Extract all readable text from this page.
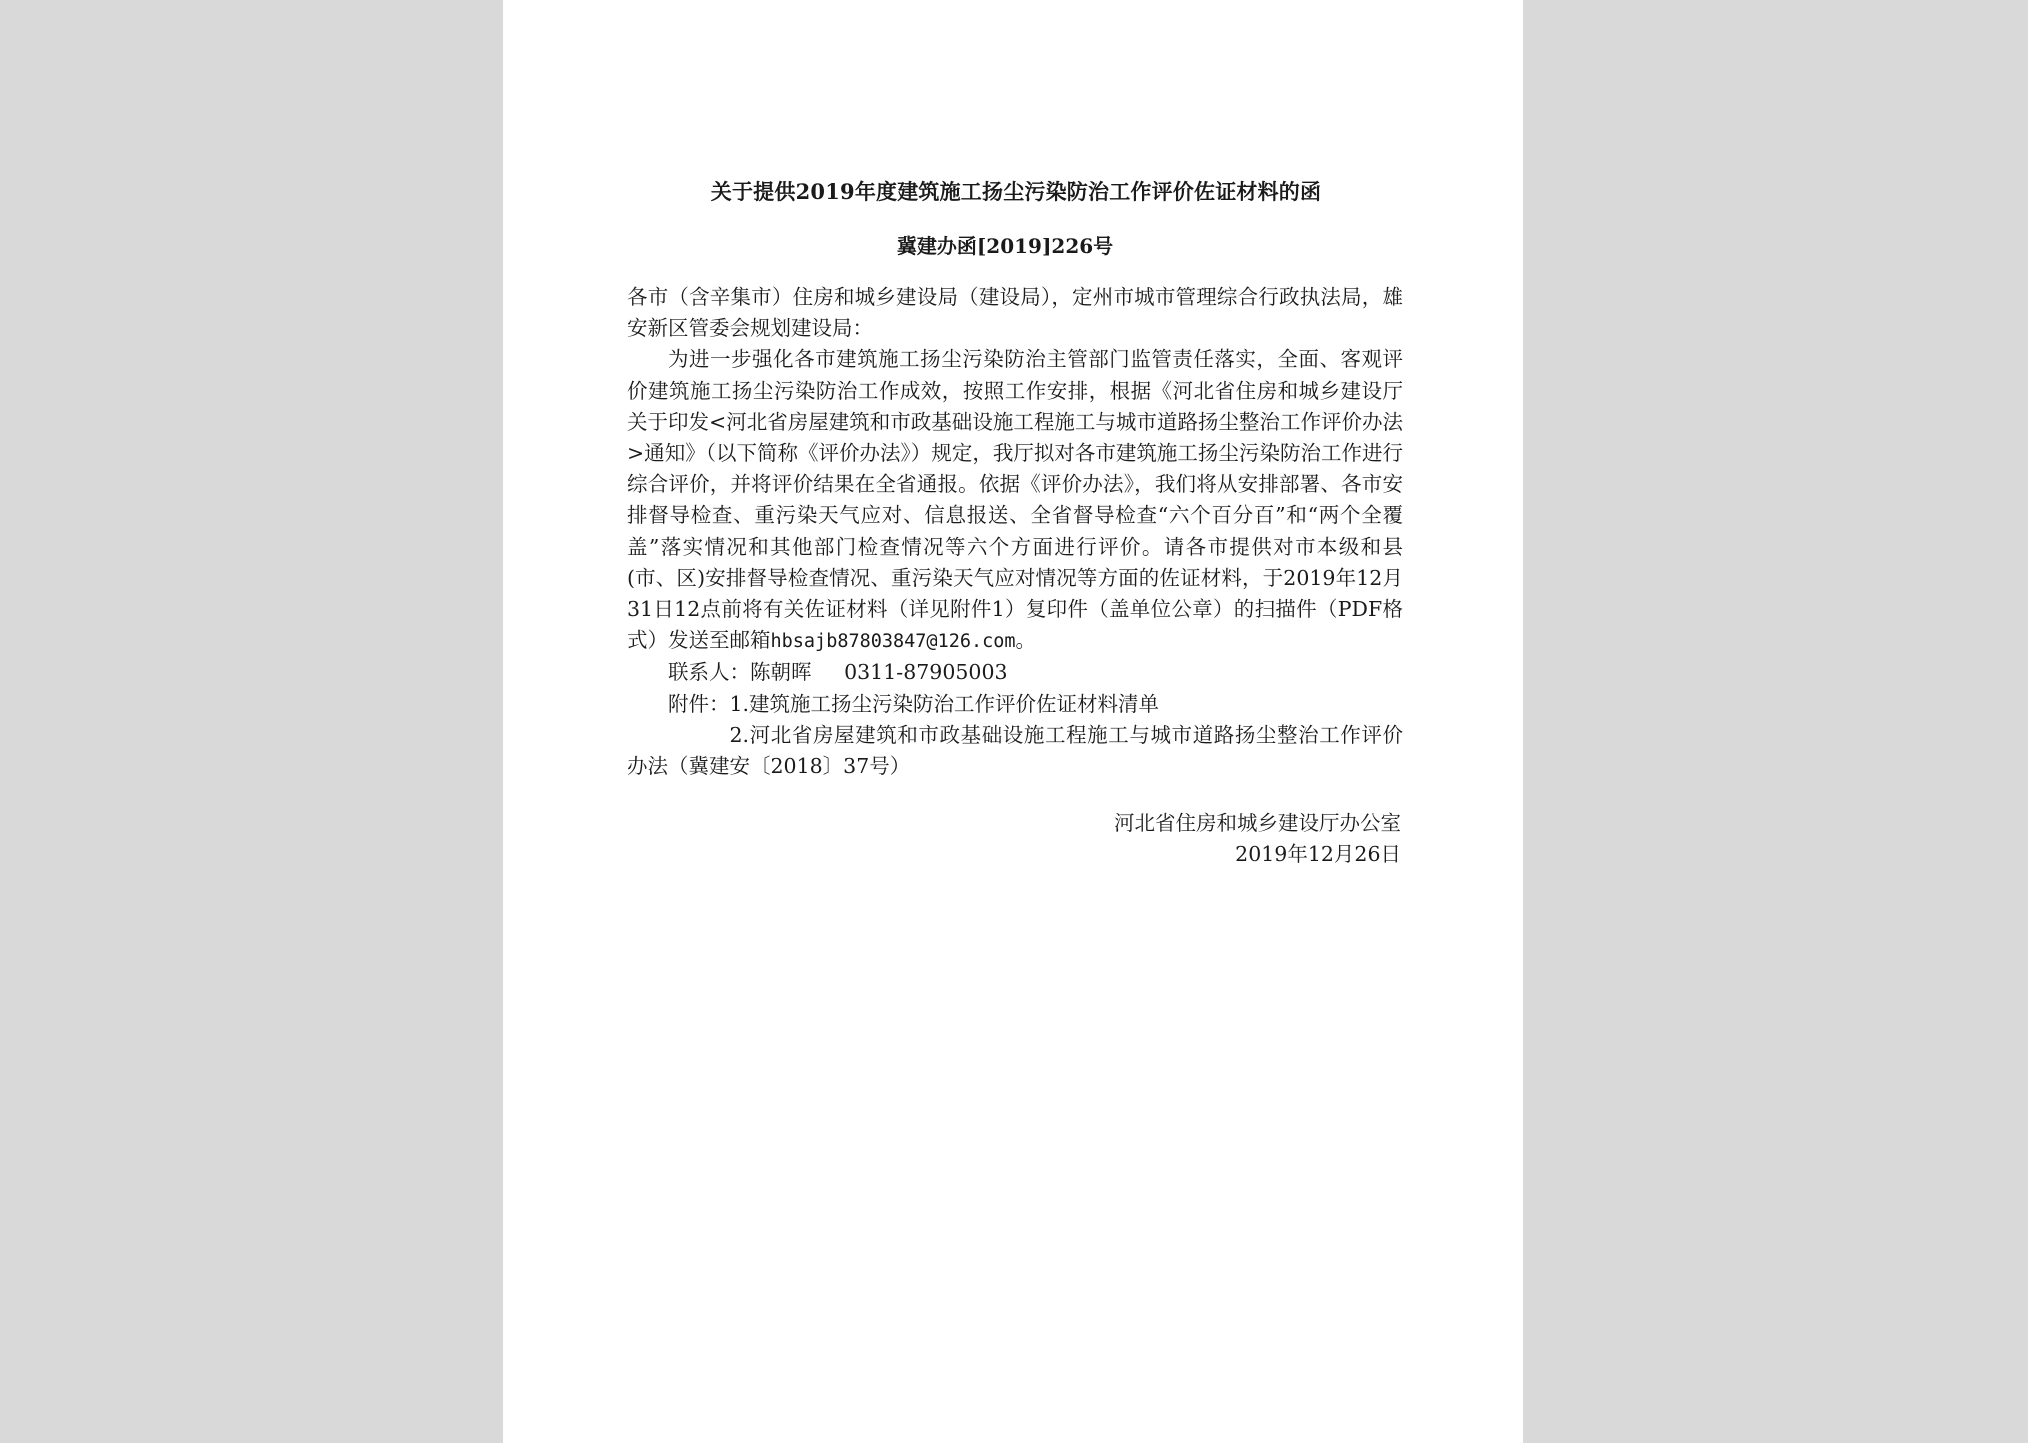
关于提供2019年度建筑施工扬尘污染防治工作评价佐证材料的函
冀建办函[2019]226号

各市（含辛集市）住房和城乡建设局（建设局），定州市城市管理综合行政执法局，雄安新区管委会规划建设局：

为进一步强化各市建筑施工扬尘污染防治主管部门监管责任落实，全面、客观评价建筑施工扬尘污染防治工作成效，按照工作安排，根据《河北省住房和城乡建设厅关于印发<河北省房屋建筑和市政基础设施工程施工与城市道路扬尘整治工作评价办法>通知》（以下简称《评价办法》）规定，我厅拟对各市建筑施工扬尘污染防治工作进行综合评价，并将评价结果在全省通报。依据《评价办法》，我们将从安排部署、各市安排督导检查、重污染天气应对、信息报送、全省督导检查“六个百分百”和“两个全覆盖”落实情况和其他部门检查情况等六个方面进行评价。请各市提供对市本级和县(市、区)安排督导检查情况、重污染天气应对情况等方面的佐证材料，于2019年12月31日12点前将有关佐证材料（详见附件1）复印件（盖单位公章）的扫描件（PDF格式）发送至邮箱hbsajb87803847@126.com。

联系人：陈朝晖 0311-87905003

附件：1.建筑施工扬尘污染防治工作评价佐证材料清单

2.河北省房屋建筑和市政基础设施工程施工与城市道路扬尘整治工作评价办法（冀建安〔2018〕37号）

河北省住房和城乡建设厅办公室
2019年12月26日
